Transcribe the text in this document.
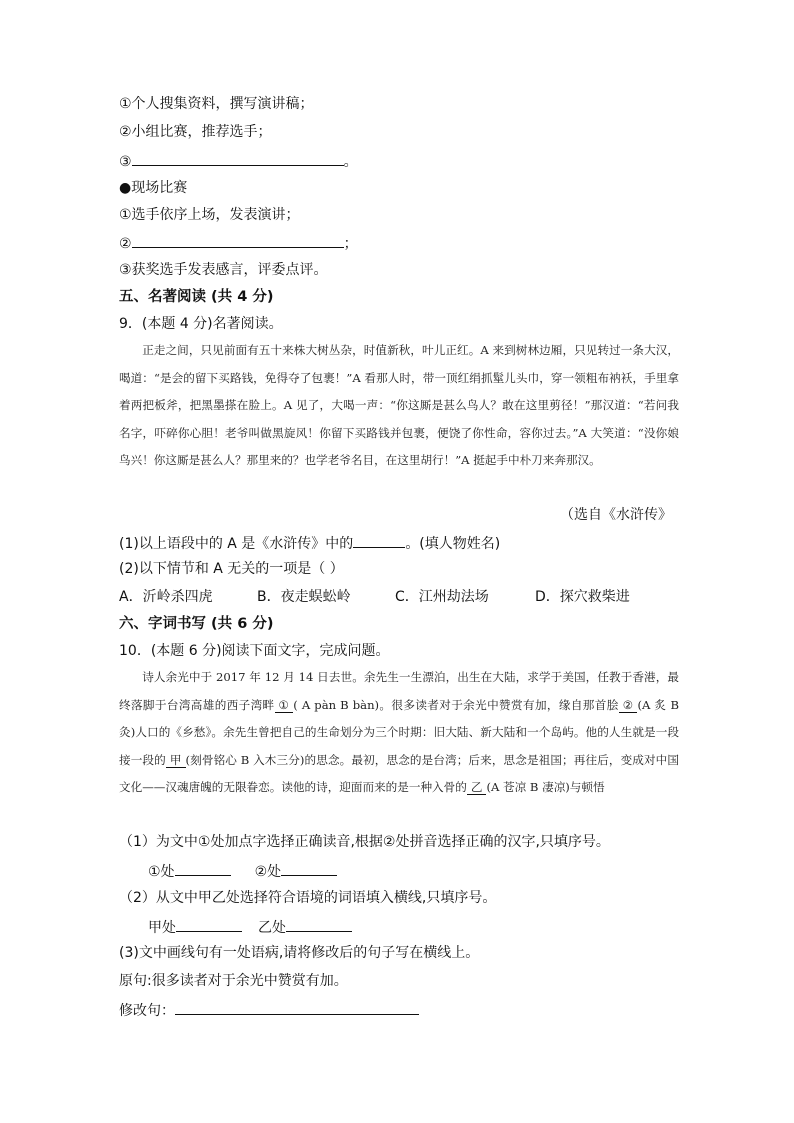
①个人搜集资料，撰写演讲稿；
②小组比赛，推荐选手；
③	。
●现场比赛
①选手依序上场，发表演讲；
②	；
③获奖选手发表感言，评委点评。
五、名著阅读 (共 4 分)
9．(本题 4 分)名著阅读。

正走之间，只见前面有五十来株大树丛杂，时值新秋，叶儿正红。A 来到树林边厢，只见转过一条大汉，喝道：“是会的留下买路钱，免得夺了包裹！”A 看那人时，带一顶红绢抓髽儿头巾，穿一领粗布衲袄，手里拿着两把板斧，把黑墨搽在脸上。A 见了，大喝一声：“你这厮是甚么鸟人？敢在这里剪径！”那汉道：“若问我名字，吓碎你心胆！老爷叫做黑旋风！你留下买路钱并包裹，便饶了你性命，容你过去。”A 大笑道：“没你娘鸟兴！你这厮是甚么人？那里来的？也学老爷名目，在这里胡行！”A 挺起手中朴刀来奔那汉。

（选自《水浒传》
(1)以上语段中的 A 是《水浒传》中的	。(填人物姓名)
(2)以下情节和 A 无关的一项是（ ）
A．沂岭杀四虎	B．夜走蜈蚣岭	C．江州劫法场	D．探穴救柴进
六、字词书写 (共 6 分)
10．(本题 6 分)阅读下面文字，完成问题。

诗人余光中于 2017 年 12 月 14 日去世。余先生一生漂泊，出生在大陆，求学于美国，任教于香港，最终落脚于台湾高雄的西子湾畔 ① ( A pàn B bàn)。很多读者对于余光中赞赏有加，缘自那首脍 ② (A 炙 B 灸)人口的《乡愁》。余先生曾把自己的生命划分为三个时期：旧大陆、新大陆和一个岛屿。他的人生就是一段接一段的 甲 (刻骨铭心 B 入木三分)的思念。最初，思念的是台湾；后来，思念是祖国；再往后，变成对中国文化——汉魂唐魄的无限眷恋。读他的诗，迎面而来的是一种入骨的 乙 (A 苍凉 B 凄凉)与顿悟

（1）为文中①处加点字选择正确读音,根据②处拼音选择正确的汉字,只填序号。
①处	②处
（2）从文中甲乙处选择符合语境的词语填入横线,只填序号。
甲处	乙处
(3)文中画线句有一处语病,请将修改后的句子写在横线上。
原句:很多读者对于余光中赞赏有加。
修改句：
